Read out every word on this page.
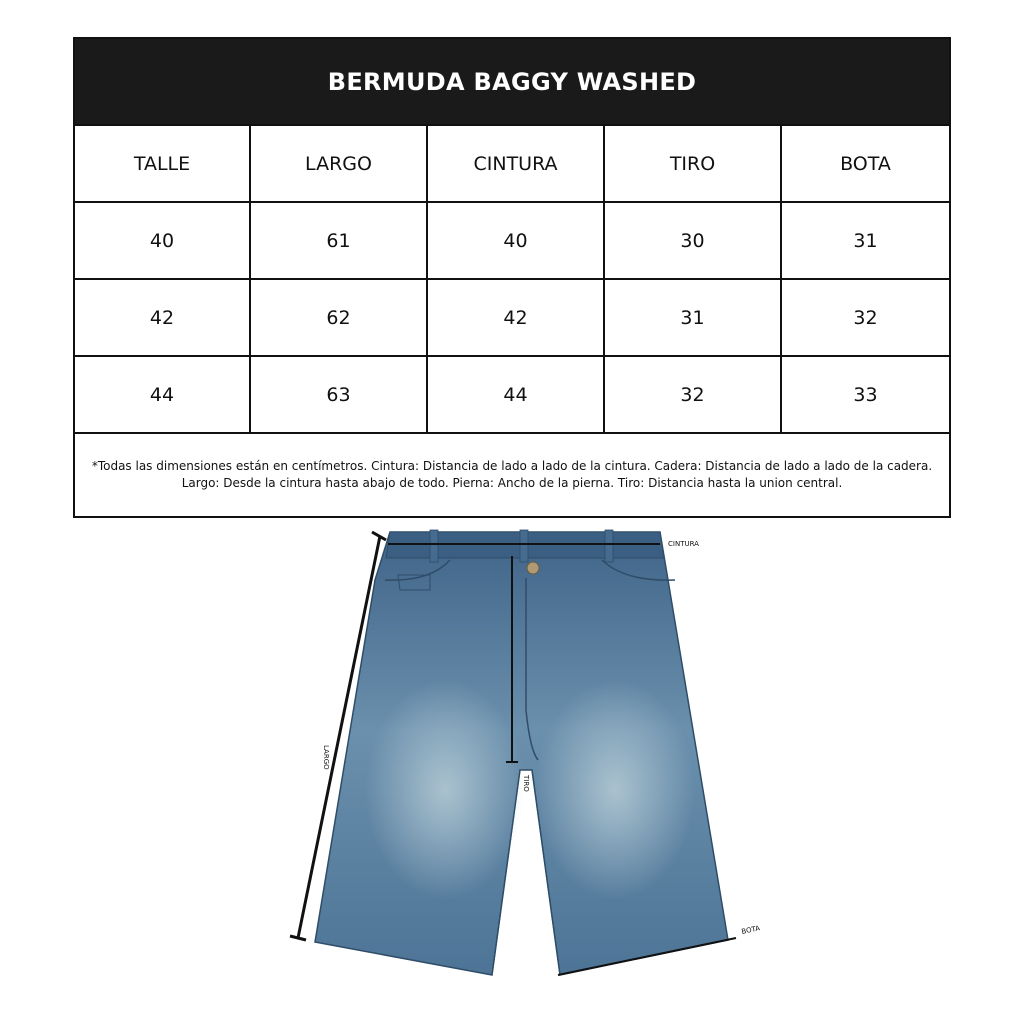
BERMUDA BAGGY WASHED
TALLE	LARGO	CINTURA	TIRO	BOTA
40	61	40	30	31
42	62	42	31	32
44	63	44	32	33
*Todas las dimensiones están en centímetros. Cintura: Distancia de lado a lado de la cintura. Cadera: Distancia de lado a lado de la cadera.
Largo: Desde la cintura hasta abajo de todo. Pierna: Ancho de la pierna. Tiro: Distancia hasta la union central.
CINTURA
LARGO
TIRO
BOTA
